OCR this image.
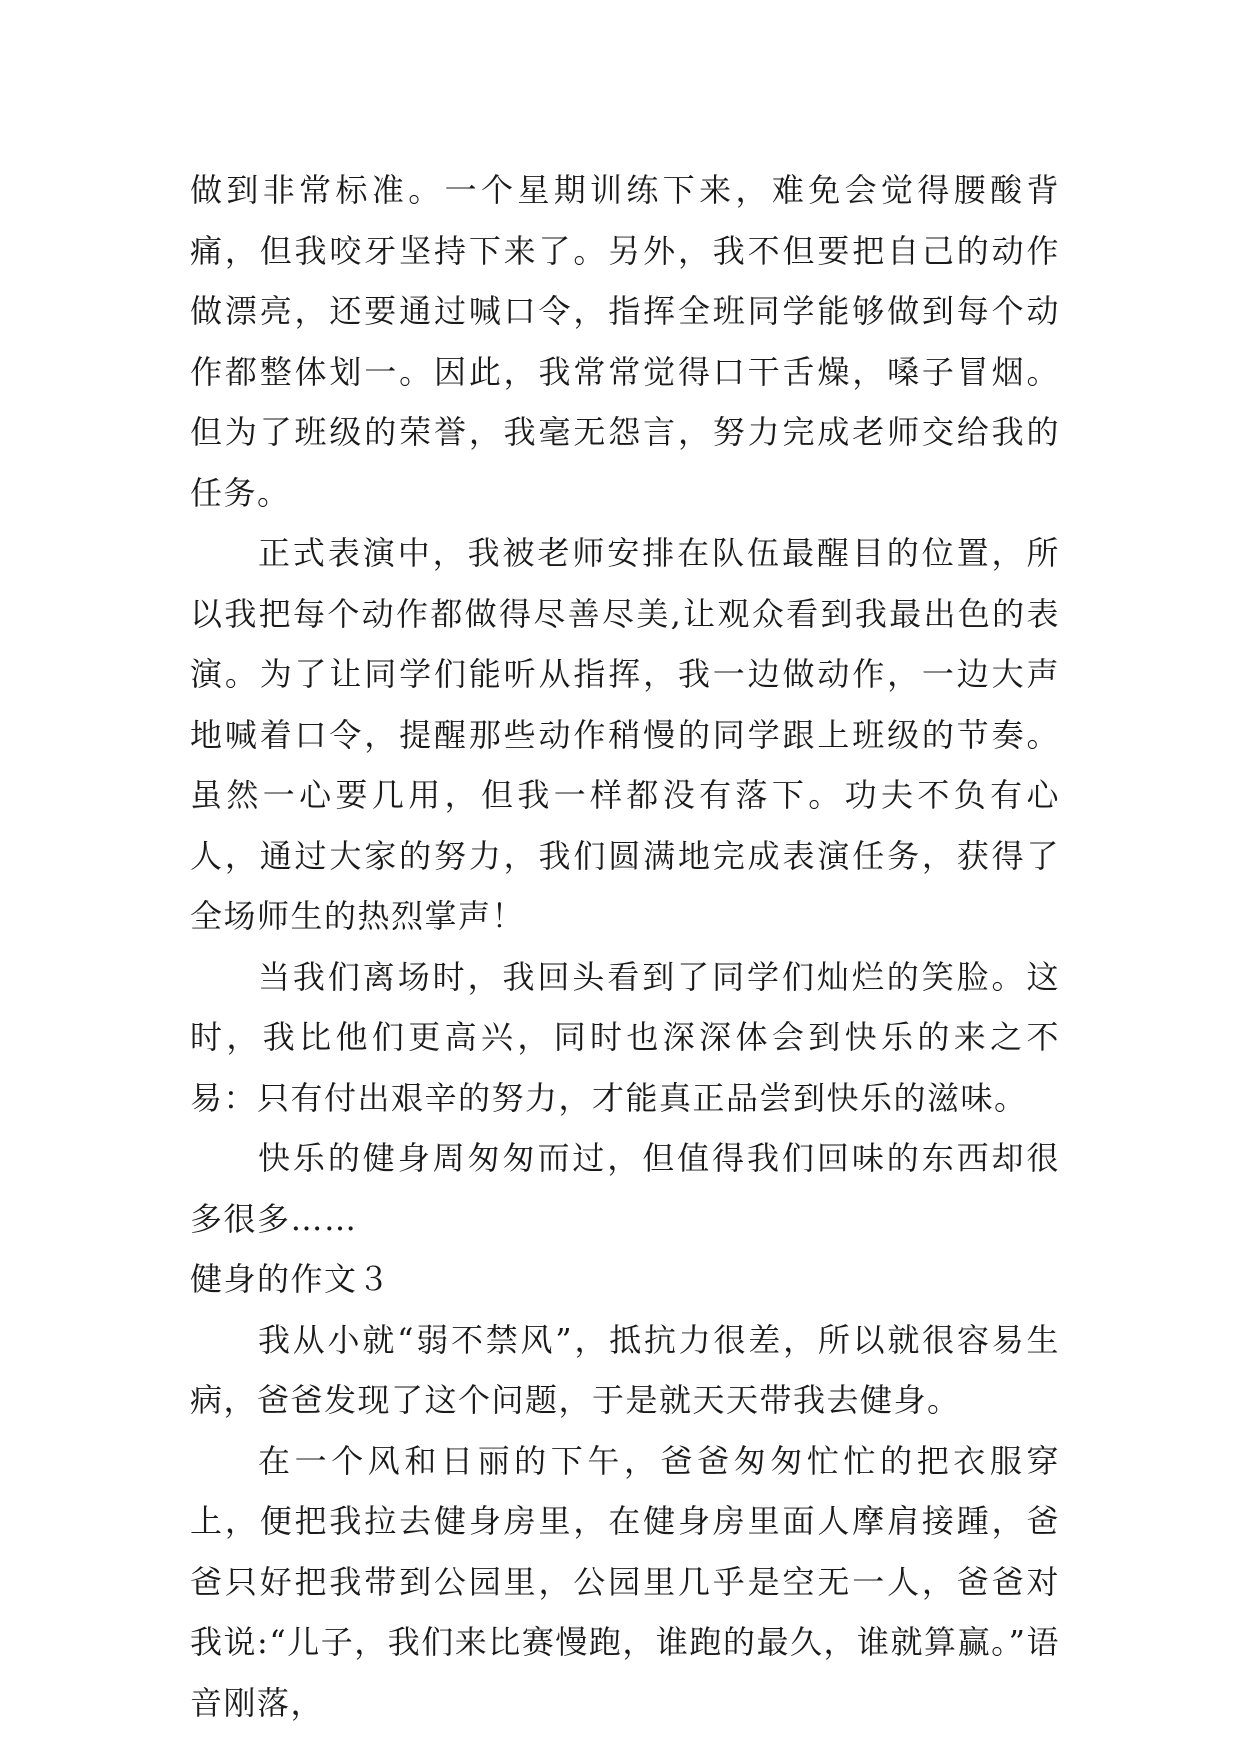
做到非常标准。一个星期训练下来，难免会觉得腰酸背痛，但我咬牙坚持下来了。另外，我不但要把自己的动作做漂亮，还要通过喊口令，指挥全班同学能够做到每个动作都整体划一。因此，我常常觉得口干舌燥，嗓子冒烟。但为了班级的荣誉，我毫无怨言，努力完成老师交给我的任务。

正式表演中，我被老师安排在队伍最醒目的位置，所以我把每个动作都做得尽善尽美,让观众看到我最出色的表演。为了让同学们能听从指挥，我一边做动作，一边大声地喊着口令，提醒那些动作稍慢的同学跟上班级的节奏。虽然一心要几用，但我一样都没有落下。功夫不负有心人，通过大家的努力，我们圆满地完成表演任务，获得了全场师生的热烈掌声！

当我们离场时，我回头看到了同学们灿烂的笑脸。这时，我比他们更高兴，同时也深深体会到快乐的来之不易：只有付出艰辛的努力，才能真正品尝到快乐的滋味。

快乐的健身周匆匆而过，但值得我们回味的东西却很多很多……

健身的作文３

我从小就“弱不禁风”，抵抗力很差，所以就很容易生病，爸爸发现了这个问题，于是就天天带我去健身。

在一个风和日丽的下午，爸爸匆匆忙忙的把衣服穿上，便把我拉去健身房里，在健身房里面人摩肩接踵，爸爸只好把我带到公园里，公园里几乎是空无一人，爸爸对我说:“儿子，我们来比赛慢跑，谁跑的最久，谁就算赢。”语音刚落，
